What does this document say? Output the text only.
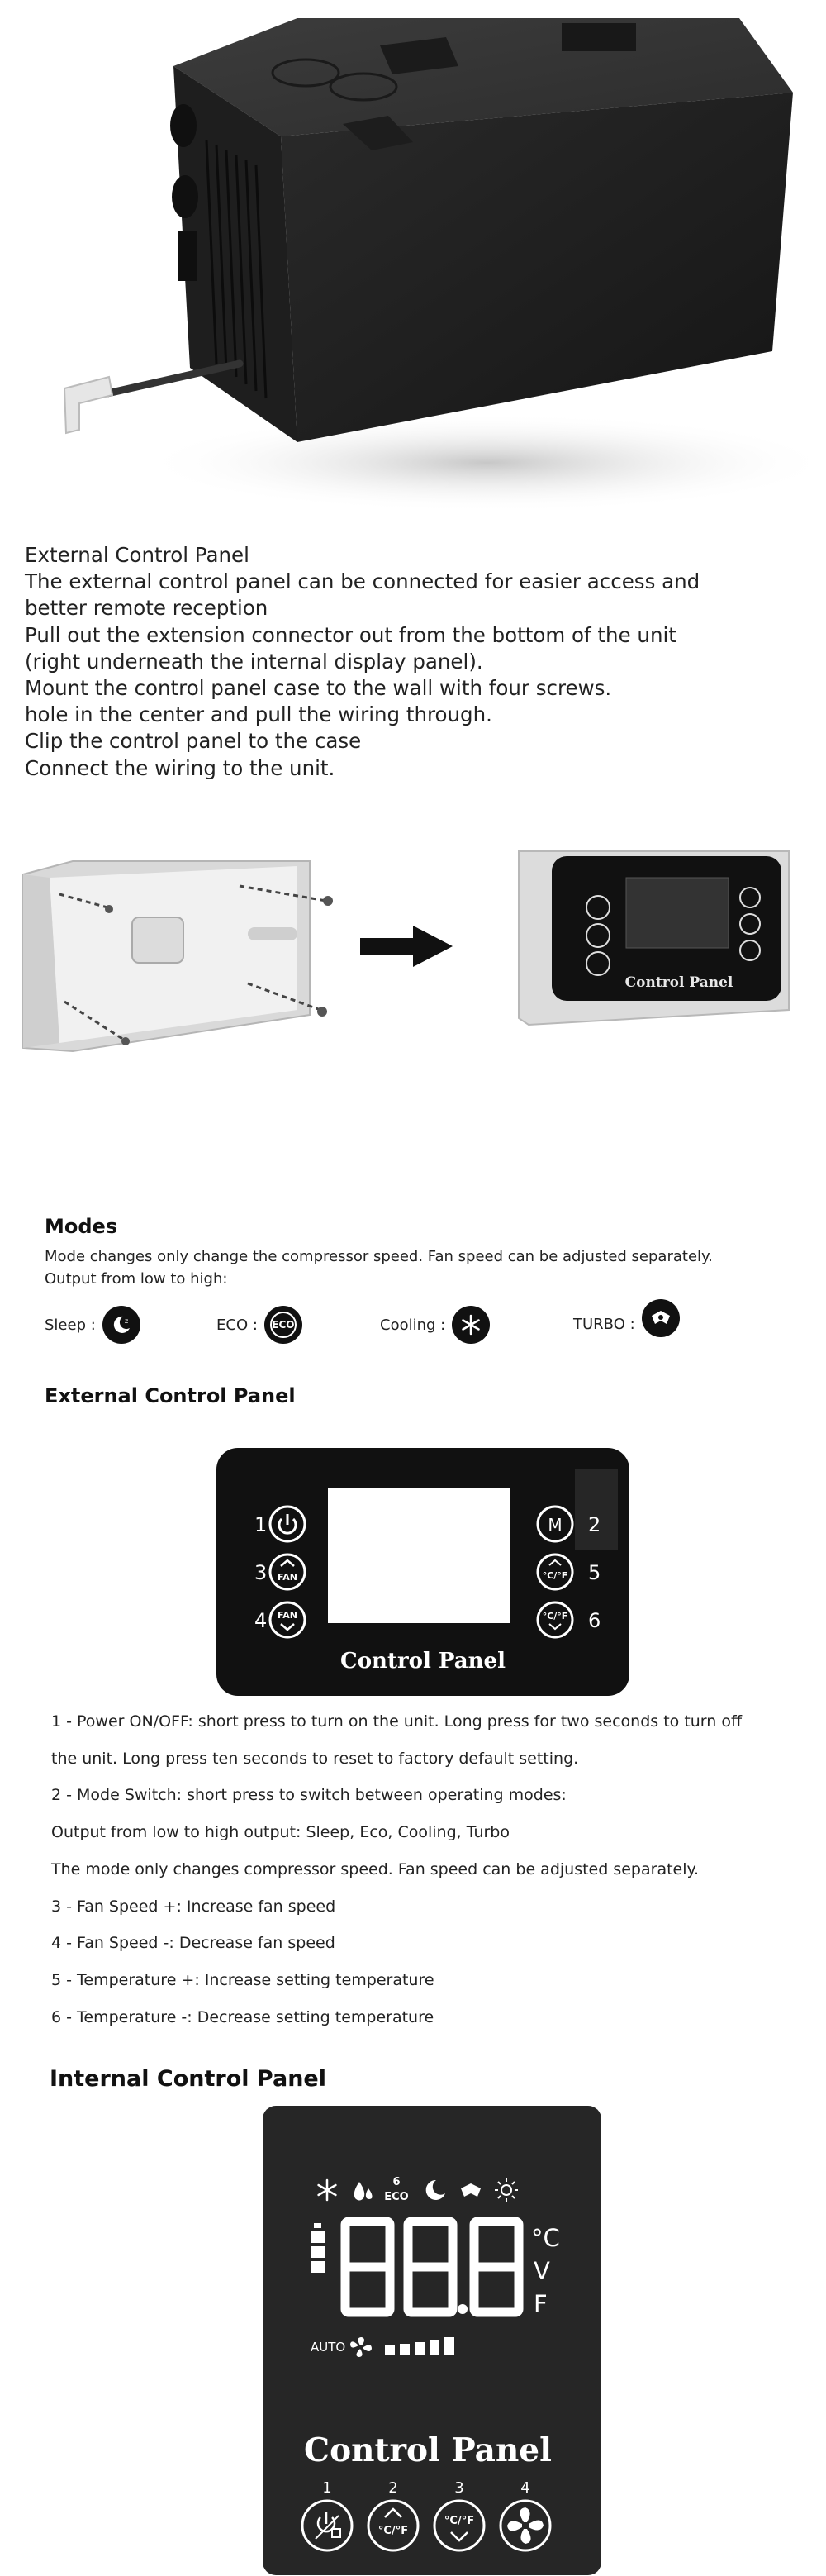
External Control Panel

The external control panel can be connected for easier access and

better remote reception

Pull out the extension connector out from the bottom of the unit

(right underneath the internal display panel).

Mount the control panel case to the wall with four screws.

hole in the center and pull the wiring through.

Clip the control panel to the case

Connect the wiring to the unit.

Control Panel
Modes
Mode changes only change the compressor speed. Fan speed can be adjusted separately.
Output from low to high:
Sleep :	z	ECO : ECO	Cooling :	TURBO :
External Control Panel
1
FAN
3
FAN
4
M 2
°C/°F 5
°C/°F 6
Control Panel

1 - Power ON/OFF: short press to turn on the unit. Long press for two seconds to turn off

the unit. Long press ten seconds to reset to factory default setting.

2 - Mode Switch: short press to switch between operating modes:

Output from low to high output: Sleep, Eco, Cooling, Turbo

The mode only changes compressor speed. Fan speed can be adjusted separately.

3 - Fan Speed +: Increase fan speed

4 - Fan Speed -: Decrease fan speed

5 - Temperature +: Increase setting temperature

6 - Temperature -: Decrease setting temperature

Internal Control Panel
6
ECO
°C
V
F
AUTO
Control Panel
1	2	3	4
°C/°F
°C/°F
